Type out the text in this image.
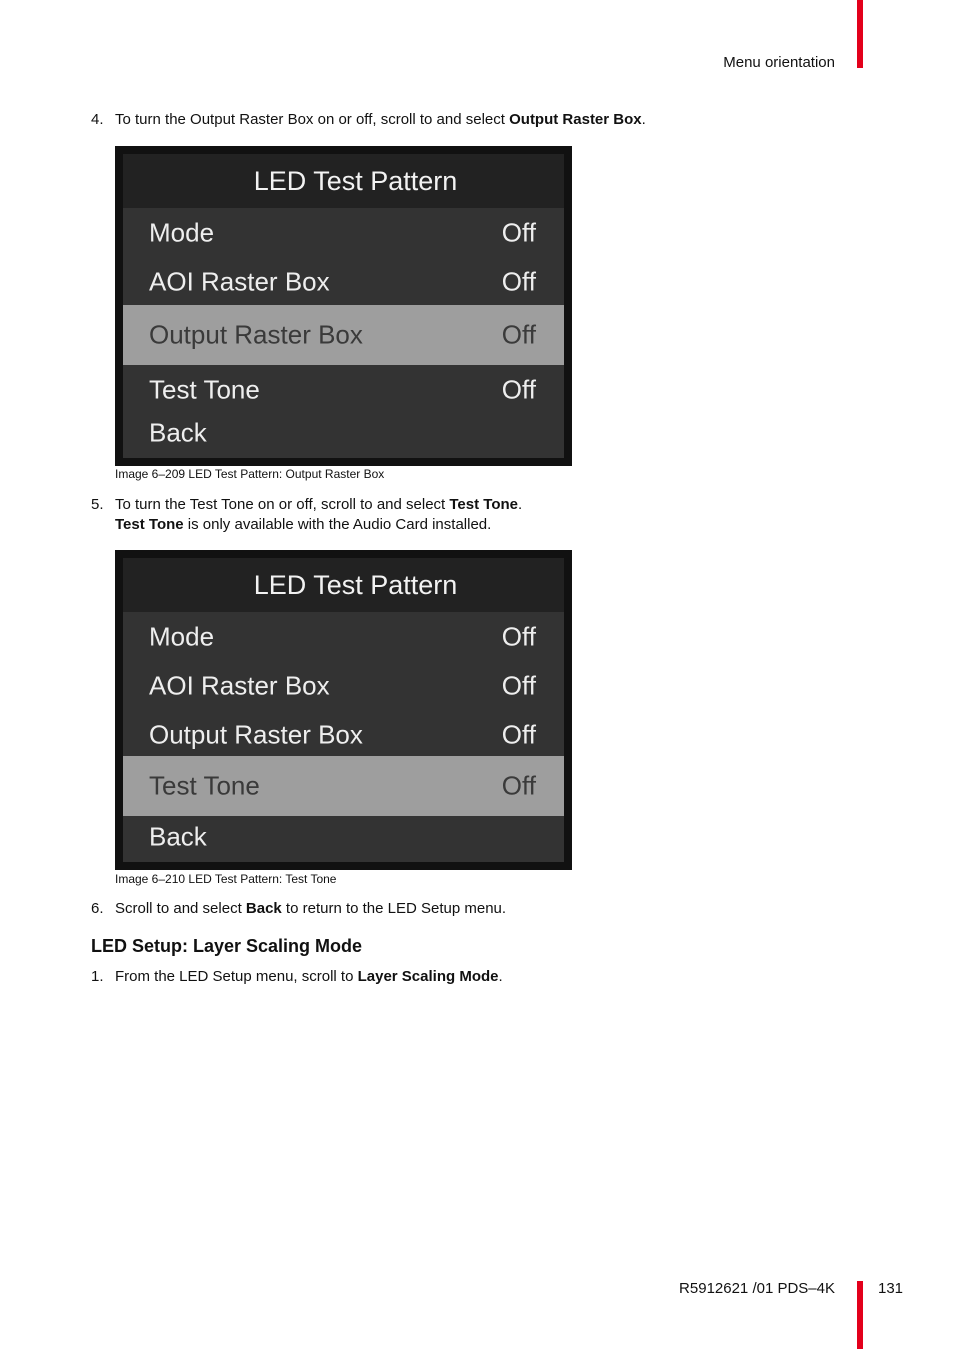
Menu orientation
4. To turn the Output Raster Box on or off, scroll to and select Output Raster Box.
LED Test Pattern
Mode	Off
AOI Raster Box	Off
Output Raster Box	Off
Test Tone	Off
Back
Image 6–209 LED Test Pattern: Output Raster Box
5. To turn the Test Tone on or off, scroll to and select Test Tone.
Test Tone is only available with the Audio Card installed.
LED Test Pattern
Mode	Off
AOI Raster Box	Off
Output Raster Box	Off
Test Tone	Off
Back
Image 6–210 LED Test Pattern: Test Tone
6. Scroll to and select Back to return to the LED Setup menu.
LED Setup: Layer Scaling Mode
1. From the LED Setup menu, scroll to Layer Scaling Mode.
R5912621 /01 PDS–4K	131
